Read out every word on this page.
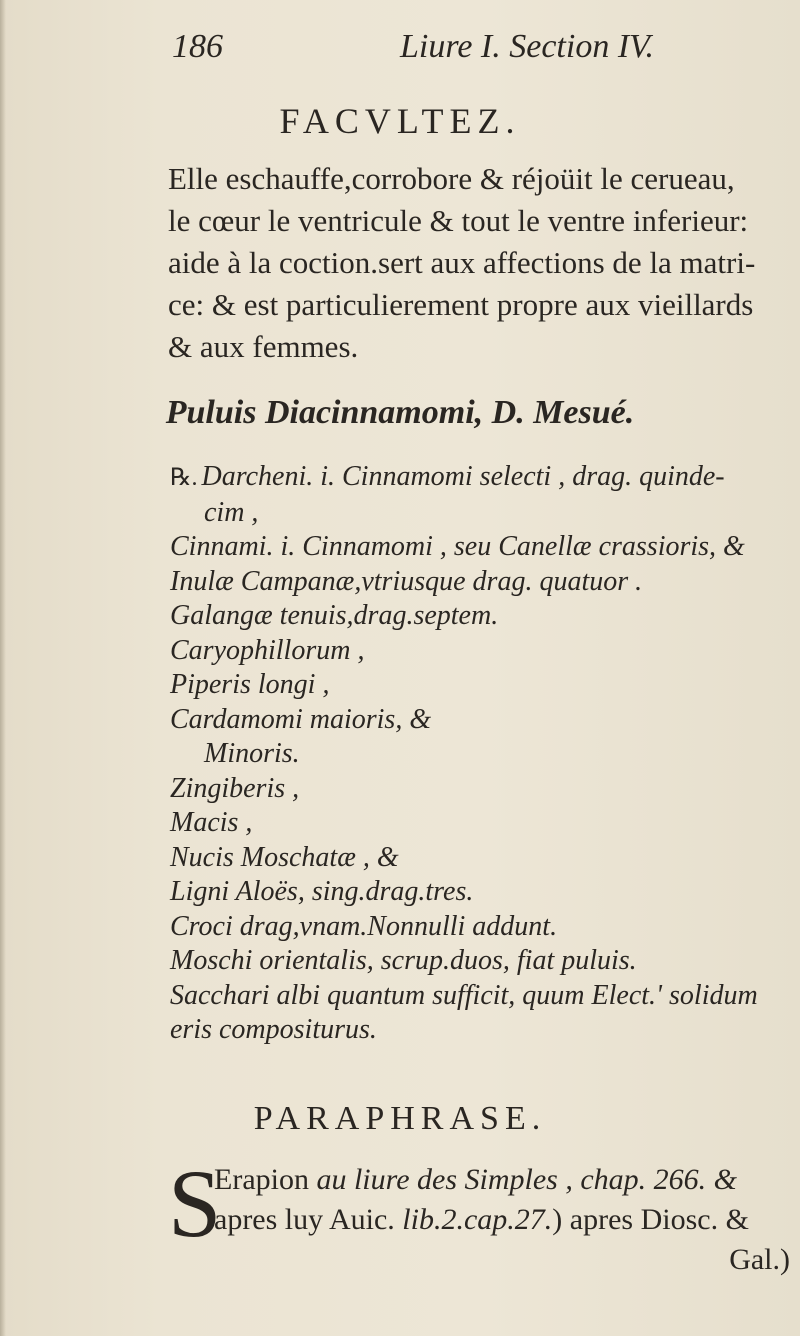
186	Liure I. Section IV.
FACVLTEZ.

Elle eschauffe,corrobore & réjoüit le cerueau,
le cœur le ventricule & tout le ventre inferieur:
aide à la coction.sert aux affections de la matri-
ce: & est particulierement propre aux vieillards
& aux femmes.

Puluis Diacinnamomi, D. Mesué.
℞. Darcheni. i. Cinnamomi selecti , drag. quinde-
cim ,
Cinnami. i. Cinnamomi , seu Canellæ crassioris, &
Inulæ Campanæ,vtriusque drag. quatuor .
Galangæ tenuis,drag.septem.
Caryophillorum ,
Piperis longi ,
Cardamomi maioris, &
Minoris.
Zingiberis ,
Macis ,
Nucis Moschatæ , &
Ligni Aloës, sing.drag.tres.
Croci drag,vnam.Nonnulli addunt.
Moschi orientalis, scrup.duos, fiat puluis.
Sacchari albi quantum sufficit, quum Elect.' solidum
eris compositurus.
PARAPHRASE.
S
Erapion au liure des Simples , chap. 266. &
apres luy Auic. lib.2.cap.27.) apres Diosc. &
Gal.)
